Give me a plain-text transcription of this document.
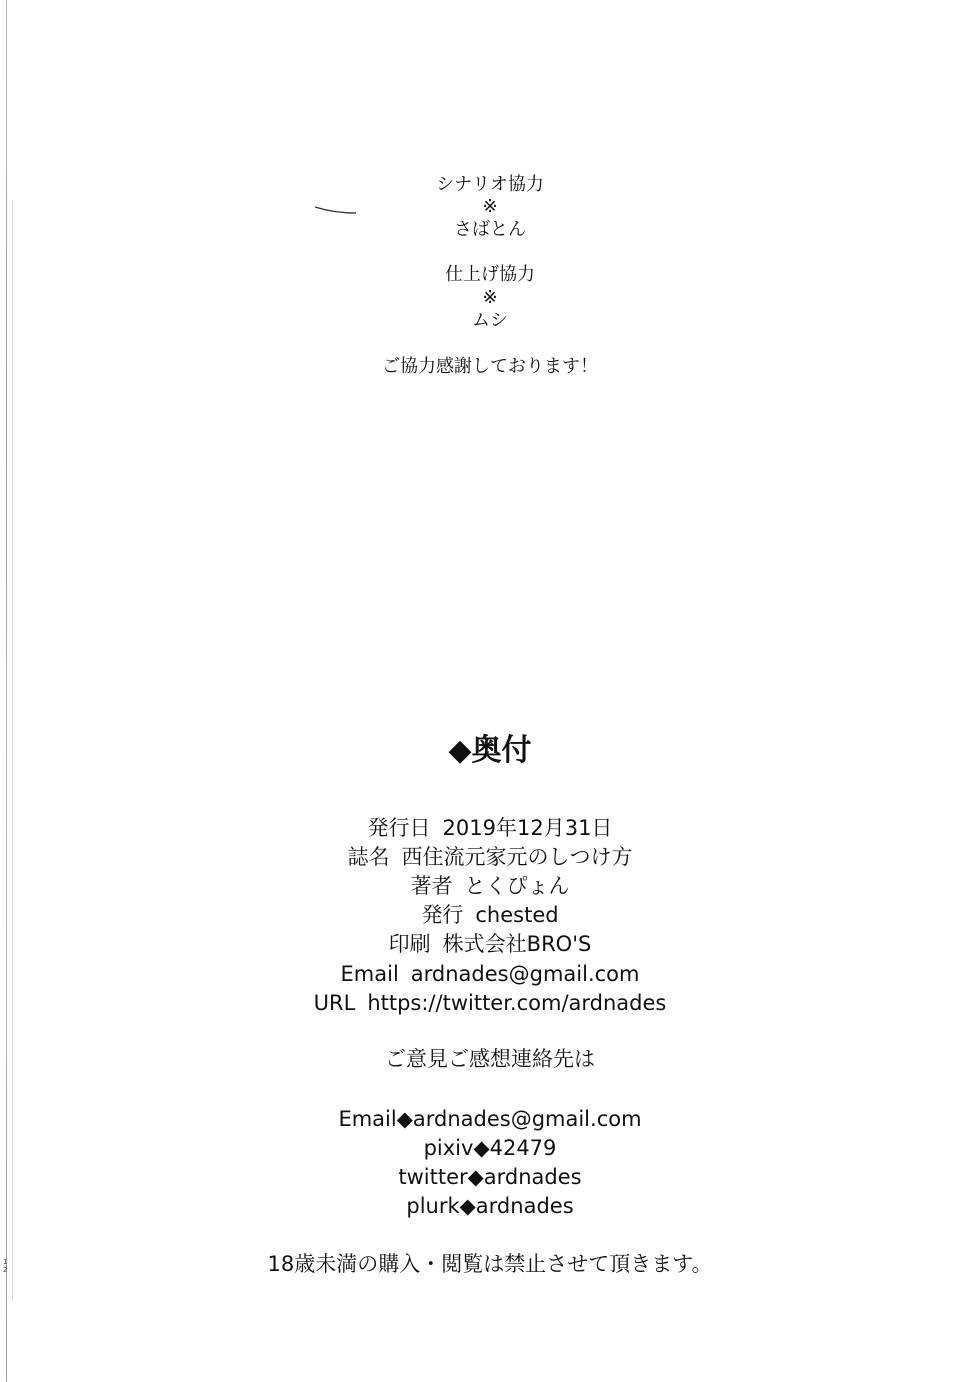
1
2
シナリオ協力
※
さばとん
仕上げ協力
※
ムシ
ご協力感謝しております！
◆奥付
発行日 2019年12月31日
誌名 西住流元家元のしつけ方
著者 とくぴょん
発行 chested
印刷 株式会社BRO'S
Email ardnades@gmail.com
URL https://twitter.com/ardnades
ご意見ご感想連絡先は
Email◆ardnades@gmail.com
pixiv◆42479
twitter◆ardnades
plurk◆ardnades
18歳未満の購入・閲覧は禁止させて頂きます。
